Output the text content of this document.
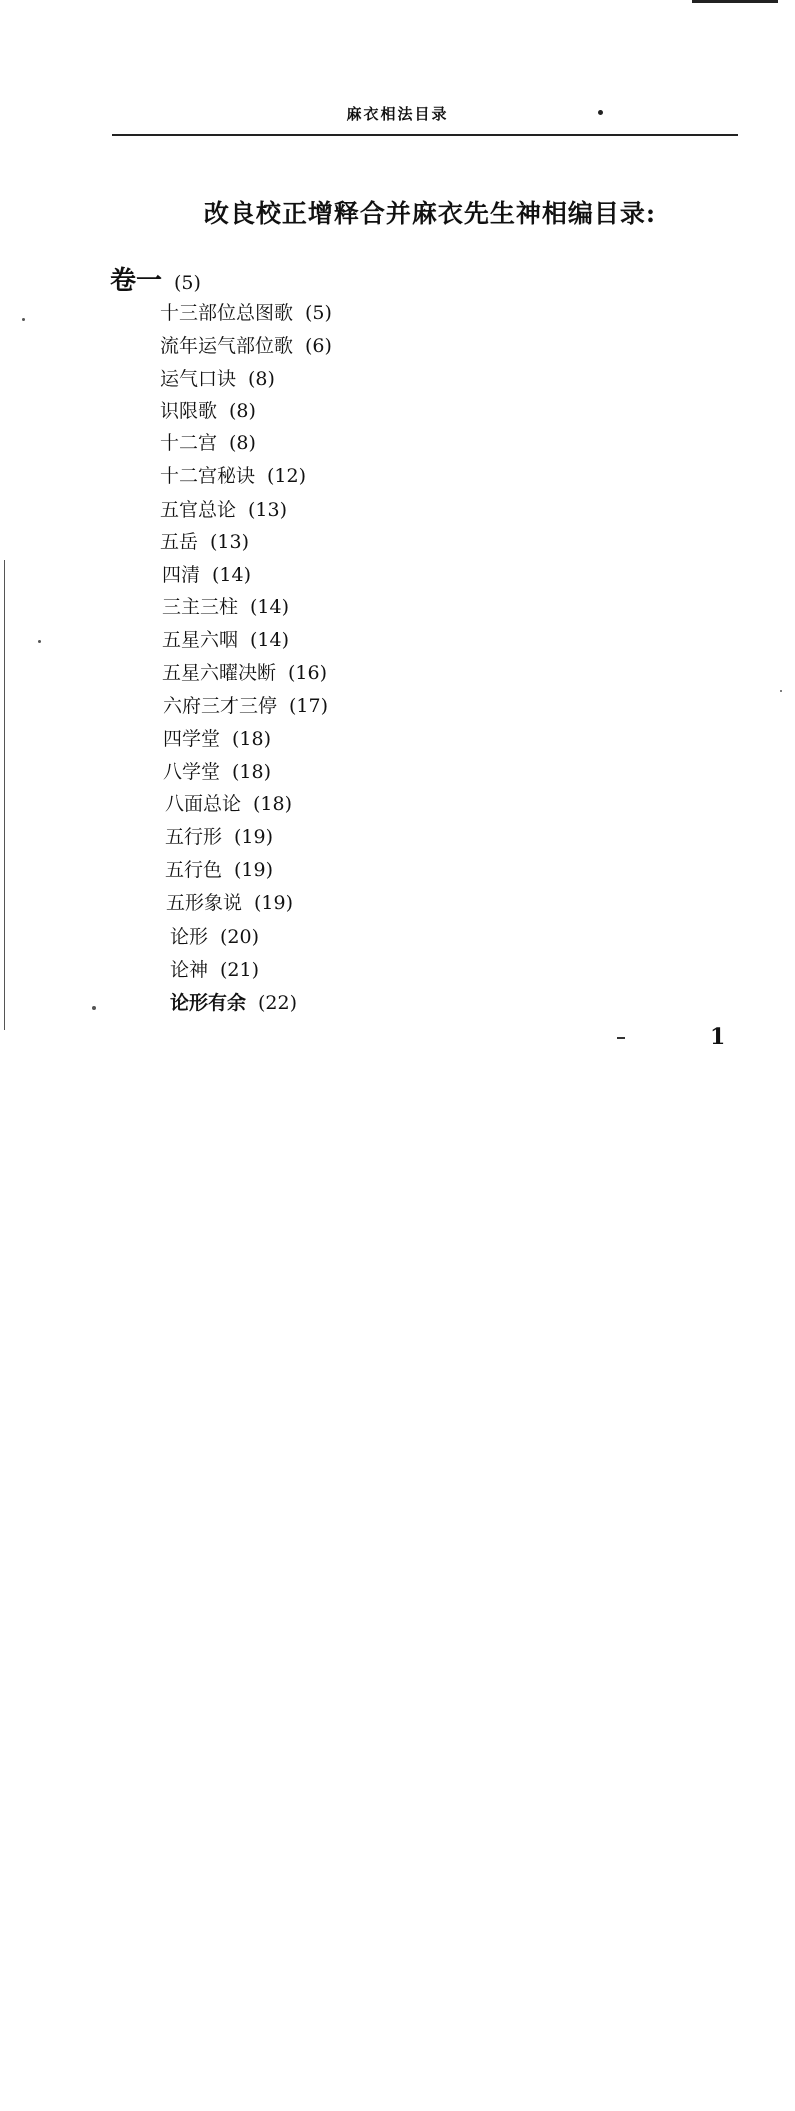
麻衣相法目录
改良校正增释合并麻衣先生神相编目录:
卷一 (5)
十三部位总图歌 (5)
流年运气部位歌 (6)
运气口诀 (8)
识限歌 (8)
十二宫 (8)
十二宫秘诀 (12)
五官总论 (13)
五岳 (13)
四清 (14)
三主三柱 (14)
五星六咽 (14)
五星六曜决断 (16)
六府三才三停 (17)
四学堂 (18)
八学堂 (18)
八面总论 (18)
五行形 (19)
五行色 (19)
五形象说 (19)
论形 (20)
论神 (21)
论形有余 (22)
1
